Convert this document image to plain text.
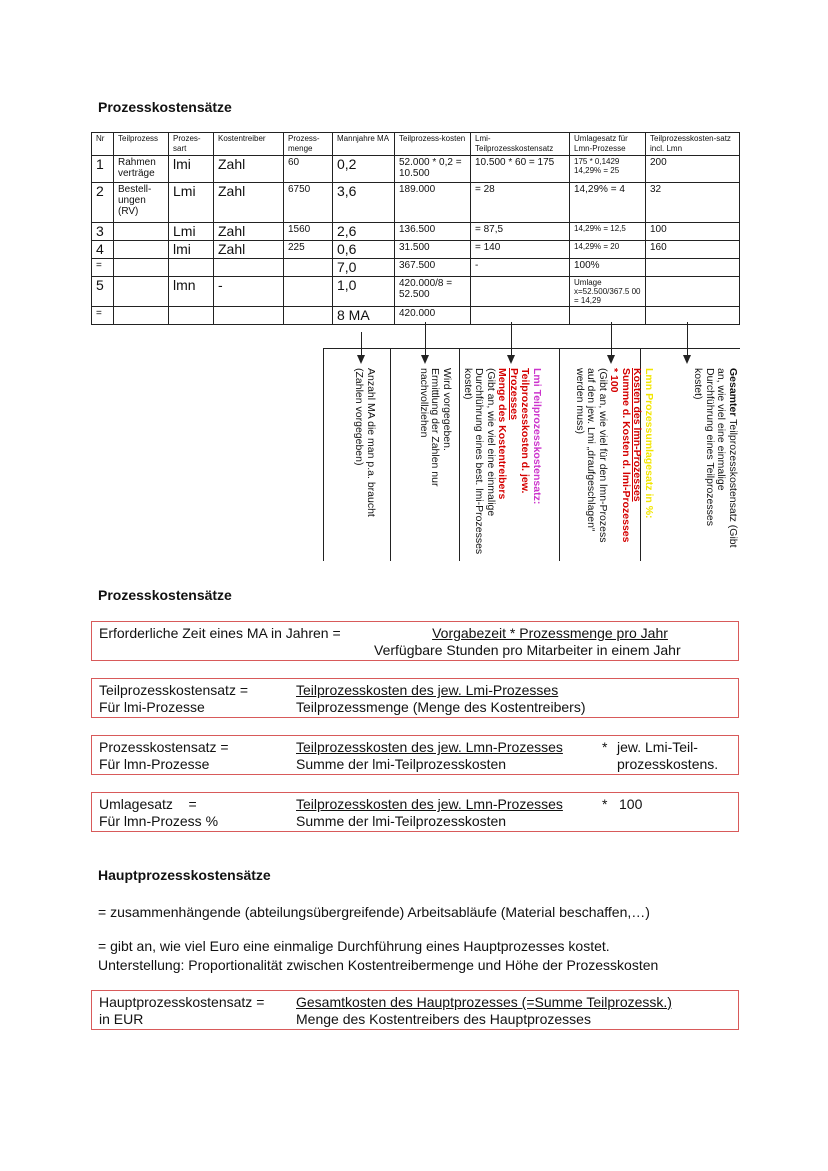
Prozesskostensätze
Nr	Teilprozess	Prozes-sart	Kostentreiber	Prozess-menge	Mannjahre MA	Teilprozess-kosten	Lmi-Teilprozesskostensatz	Umlagesatz für Lmn-Prozesse	Teilprozesskosten-satz incl. Lmn
1	Rahmen verträge	lmi	Zahl	60	0,2	52.000 * 0,2 = 10.500	10.500 * 60 = 175	175 * 0,1429 14,29% = 25	200
2	Bestell-ungen (RV)	Lmi	Zahl	6750	3,6	189.000	= 28	14,29% = 4	32
3		Lmi	Zahl	1560	2,6	136.500	= 87,5	14,29% = 12,5	100
4		lmi	Zahl	225	0,6	31.500	= 140	14,29% = 20	160
=					7,0	367.500	-	100%	
5		lmn	-		1,0	420.000/8 = 52.500		Umlage x=52.500/367.5 00 = 14,29	
=					8 MA	420.000			
Anzahl MA die man p.a. braucht (Zahlen vorgegeben)	Wird vorgegeben.
Ermittlung der Zahlen nur nachvollziehen	Lmi Teilprozesskostensatz:
Teilprozesskosten d. jew.
Prozesses
Menge des Kostentreibers
(Gibt an, wie viel eine einmalige Durchführung eines best. lmi-Prozesses kostet)	Lmn Prozessumlagesatz in %:
Kosten des lmn-Prozesses
Summe d. Kosten d. lmi-Prozesses
* 100
(Gibt an, wie viel für den lmn-Prozess auf den jew. Lmi „draufgeschlagen“ werden muss)	Gesamter Teilprozesskostensatz (Gibt an, wie viel eine einmalige Durchführung eines Teilprozesses kostet)
Prozesskostensätze
Erforderliche Zeit eines MA in Jahren =	Vorgabezeit * Prozessmenge pro Jahr
Verfügbare Stunden pro Mitarbeiter in einem Jahr
Teilprozesskostensatz =
Für lmi-Prozesse
Teilprozesskosten des jew. Lmi-Prozesses
Teilprozessmenge (Menge des Kostentreibers)
Prozesskostensatz =
Für lmn-Prozesse
Teilprozesskosten des jew. Lmn-Prozesses
Summe der lmi-Teilprozesskosten
* jew. Lmi-Teil-
prozesskostens.
Umlagesatz    =
Für lmn-Prozess %
Teilprozesskosten des jew. Lmn-Prozesses
Summe der lmi-Teilprozesskosten
* 100
Hauptprozesskostensätze
= zusammenhängende (abteilungsübergreifende) Arbeitsabläufe (Material beschaffen,…)
= gibt an, wie viel Euro eine einmalige Durchführung eines Hauptprozesses kostet.
Unterstellung: Proportionalität zwischen Kostentreibermenge und Höhe der Prozesskosten
Hauptprozesskostensatz =
in EUR
Gesamtkosten des Hauptprozesses (=Summe Teilprozessk.)
Menge des Kostentreibers des Hauptprozesses
